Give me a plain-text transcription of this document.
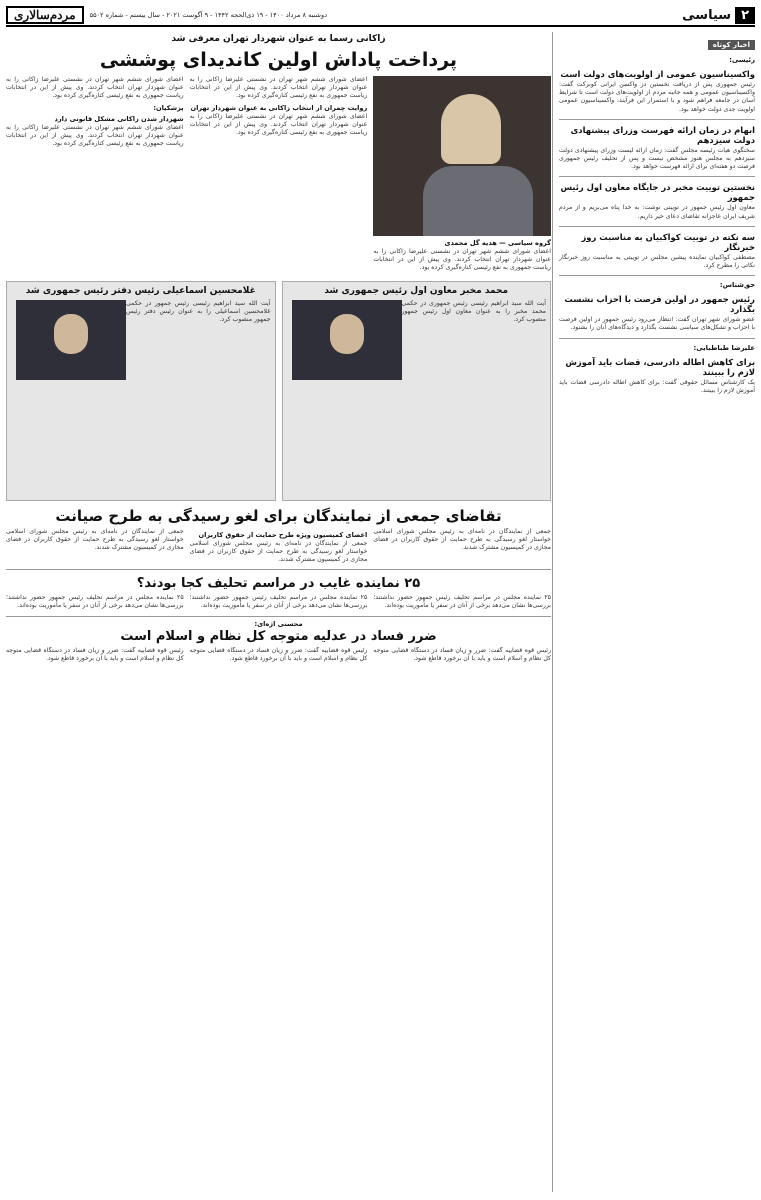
۲
سیاسی
دوشنبه ۸ مرداد ۱۴۰۰ - ۱۹ ذی‌الحجه ۱۴۴۲ - ۹ آگوست ۲۰۲۱ - سال بیستم - شماره ۵۵۰۲
مردم‌سالاری
اخبار کوتاه
رئیسی:
واکسیناسیون عمومی از اولویت‌های دولت است
رئیس جمهوری پس از دریافت نخستین دز واکسن ایرانی کوبرکت گفت: واکسیناسیون عمومی و همه جانبه مردم از اولویت‌های دولت است تا شرایط آسان در جامعه فراهم شود و با استمرار این فرآیند، واکسیناسیون عمومی اولویت جدی دولت خواهد بود.
ابهام در زمان ارائه فهرست وزرای پیشنهادی دولت سیزدهم
سخنگوی هیات رئیسه مجلس گفت: زمان ارائه لیست وزرای پیشنهادی دولت سیزدهم به مجلس هنوز مشخص نیست و پس از تحلیف رئیس جمهوری فرصت دو هفته‌ای برای ارائه فهرست خواهد بود.
نخستین توییت مخبر در جایگاه معاون اول رئیس جمهور
معاون اول رئیس جمهور در توییتی نوشت: به خدا پناه می‌بریم و از مردم شریف ایران عاجزانه تقاضای دعای خیر داریم.
سه نکته در توییت کواکبیان به مناسبت روز خبرنگار
مصطفی کواکبیان نماینده پیشین مجلس در توییتی به مناسبت روز خبرنگار نکاتی را مطرح کرد.
حق‌شناس:
رئیس جمهور در اولین فرصت با احزاب نشست بگذارد
عضو شورای شهر تهران گفت: انتظار می‌رود رئیس جمهور در اولین فرصت با احزاب و تشکل‌های سیاسی نشست بگذارد و دیدگاه‌های آنان را بشنود.
علیرضا طباطبایی:
برای کاهش اطاله دادرسی، قضات باید آموزش لازم را ببینند
یک کارشناس مسائل حقوقی گفت: برای کاهش اطاله دادرسی قضات باید آموزش لازم را ببینند.
زاکانی رسما به عنوان شهردار تهران معرفی شد
پرداخت پاداش اولین کاندیدای پوششی
گروه سیاسی — هدیه گل محمدی
اعضای شورای ششم شهر تهران در نشستی علیرضا زاکانی را به عنوان شهردار تهران انتخاب کردند. وی پیش از این در انتخابات ریاست جمهوری به نفع رئیسی کناره‌گیری کرده بود.
اعضای شورای ششم شهر تهران در نشستی علیرضا زاکانی را به عنوان شهردار تهران انتخاب کردند. وی پیش از این در انتخابات ریاست جمهوری به نفع رئیسی کناره‌گیری کرده بود.
روایت چمران از انتخاب زاکانی به عنوان شهردار تهران
اعضای شورای ششم شهر تهران در نشستی علیرضا زاکانی را به عنوان شهردار تهران انتخاب کردند. وی پیش از این در انتخابات ریاست جمهوری به نفع رئیسی کناره‌گیری کرده بود.
اعضای شورای ششم شهر تهران در نشستی علیرضا زاکانی را به عنوان شهردار تهران انتخاب کردند. وی پیش از این در انتخابات ریاست جمهوری به نفع رئیسی کناره‌گیری کرده بود.
پزشکیان:
شهردار شدن زاکانی مشکل قانونی دارد
اعضای شورای ششم شهر تهران در نشستی علیرضا زاکانی را به عنوان شهردار تهران انتخاب کردند. وی پیش از این در انتخابات ریاست جمهوری به نفع رئیسی کناره‌گیری کرده بود.
محمد مخبر معاون اول رئیس جمهوری شد
آیت الله سید ابراهیم رئیسی رئیس جمهوری در حکمی محمد مخبر را به عنوان معاون اول رئیس جمهور منصوب کرد.
غلامحسین اسماعیلی رئیس دفتر رئیس جمهوری شد
آیت الله سید ابراهیم رئیسی رئیس جمهور در حکمی غلامحسین اسماعیلی را به عنوان رئیس دفتر رئیس جمهور منصوب کرد.
تقاضای جمعی از نمایندگان برای لغو رسیدگی به طرح صیانت
جمعی از نمایندگان در نامه‌ای به رئیس مجلس شورای اسلامی خواستار لغو رسیدگی به طرح حمایت از حقوق کاربران در فضای مجازی در کمیسیون مشترک شدند.
اعضای کمیسیون ویژه طرح حمایت از حقوق کاربران
جمعی از نمایندگان در نامه‌ای به رئیس مجلس شورای اسلامی خواستار لغو رسیدگی به طرح حمایت از حقوق کاربران در فضای مجازی در کمیسیون مشترک شدند.
جمعی از نمایندگان در نامه‌ای به رئیس مجلس شورای اسلامی خواستار لغو رسیدگی به طرح حمایت از حقوق کاربران در فضای مجازی در کمیسیون مشترک شدند.
۲۵ نماینده غایب در مراسم تحلیف کجا بودند؟
۲۵ نماینده مجلس در مراسم تحلیف رئیس جمهور حضور نداشتند؛ بررسی‌ها نشان می‌دهد برخی از آنان در سفر یا مأموریت بوده‌اند.
۲۵ نماینده مجلس در مراسم تحلیف رئیس جمهور حضور نداشتند؛ بررسی‌ها نشان می‌دهد برخی از آنان در سفر یا مأموریت بوده‌اند.
۲۵ نماینده مجلس در مراسم تحلیف رئیس جمهور حضور نداشتند؛ بررسی‌ها نشان می‌دهد برخی از آنان در سفر یا مأموریت بوده‌اند.
محسنی اژه‌ای:
ضرر فساد در عدلیه متوجه کل نظام و اسلام است
رئیس قوه قضاییه گفت: ضرر و زیان فساد در دستگاه قضایی متوجه کل نظام و اسلام است و باید با آن برخورد قاطع شود.
رئیس قوه قضاییه گفت: ضرر و زیان فساد در دستگاه قضایی متوجه کل نظام و اسلام است و باید با آن برخورد قاطع شود.
رئیس قوه قضاییه گفت: ضرر و زیان فساد در دستگاه قضایی متوجه کل نظام و اسلام است و باید با آن برخورد قاطع شود.
